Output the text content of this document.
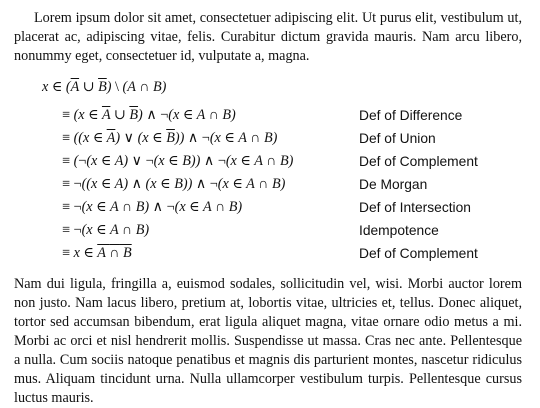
Lorem ipsum dolor sit amet, consectetuer adipiscing elit. Ut purus elit, vestibulum ut, placerat ac, adipiscing vitae, felis. Curabitur dictum gravida mauris. Nam arcu libero, nonummy eget, consectetuer id, vulputate a, magna.

x ∈ ($\overline{A}$ ∪ $\overline{B}$) \ (A ∩ B)
≡ (x ∈ $\overline{A}$ ∪ $\overline{B}$) ∧ ¬(x ∈ A ∩ B)	Def of Difference
≡ ((x ∈ $\overline{A}$) ∨ (x ∈ $\overline{B}$)) ∧ ¬(x ∈ A ∩ B)	Def of Union
≡ (¬(x ∈ A) ∨ ¬(x ∈ B)) ∧ ¬(x ∈ A ∩ B)	Def of Complement
≡ ¬((x ∈ A) ∧ (x ∈ B)) ∧ ¬(x ∈ A ∩ B)	De Morgan
≡ ¬(x ∈ A ∩ B) ∧ ¬(x ∈ A ∩ B)	Def of Intersection
≡ ¬(x ∈ A ∩ B)	Idempotence
≡ x ∈ A ∩ B	Def of Complement

Nam dui ligula, fringilla a, euismod sodales, sollicitudin vel, wisi. Morbi auctor lorem non justo. Nam lacus libero, pretium at, lobortis vitae, ultricies et, tellus. Donec aliquet, tortor sed accumsan bibendum, erat ligula aliquet magna, vitae ornare odio metus a mi. Morbi ac orci et nisl hendrerit mollis. Suspendisse ut massa. Cras nec ante. Pellentesque a nulla. Cum sociis natoque penatibus et magnis dis parturient montes, nascetur ridiculus mus. Aliquam tincidunt urna. Nulla ullamcorper vestibulum turpis. Pellentesque cursus luctus mauris.
